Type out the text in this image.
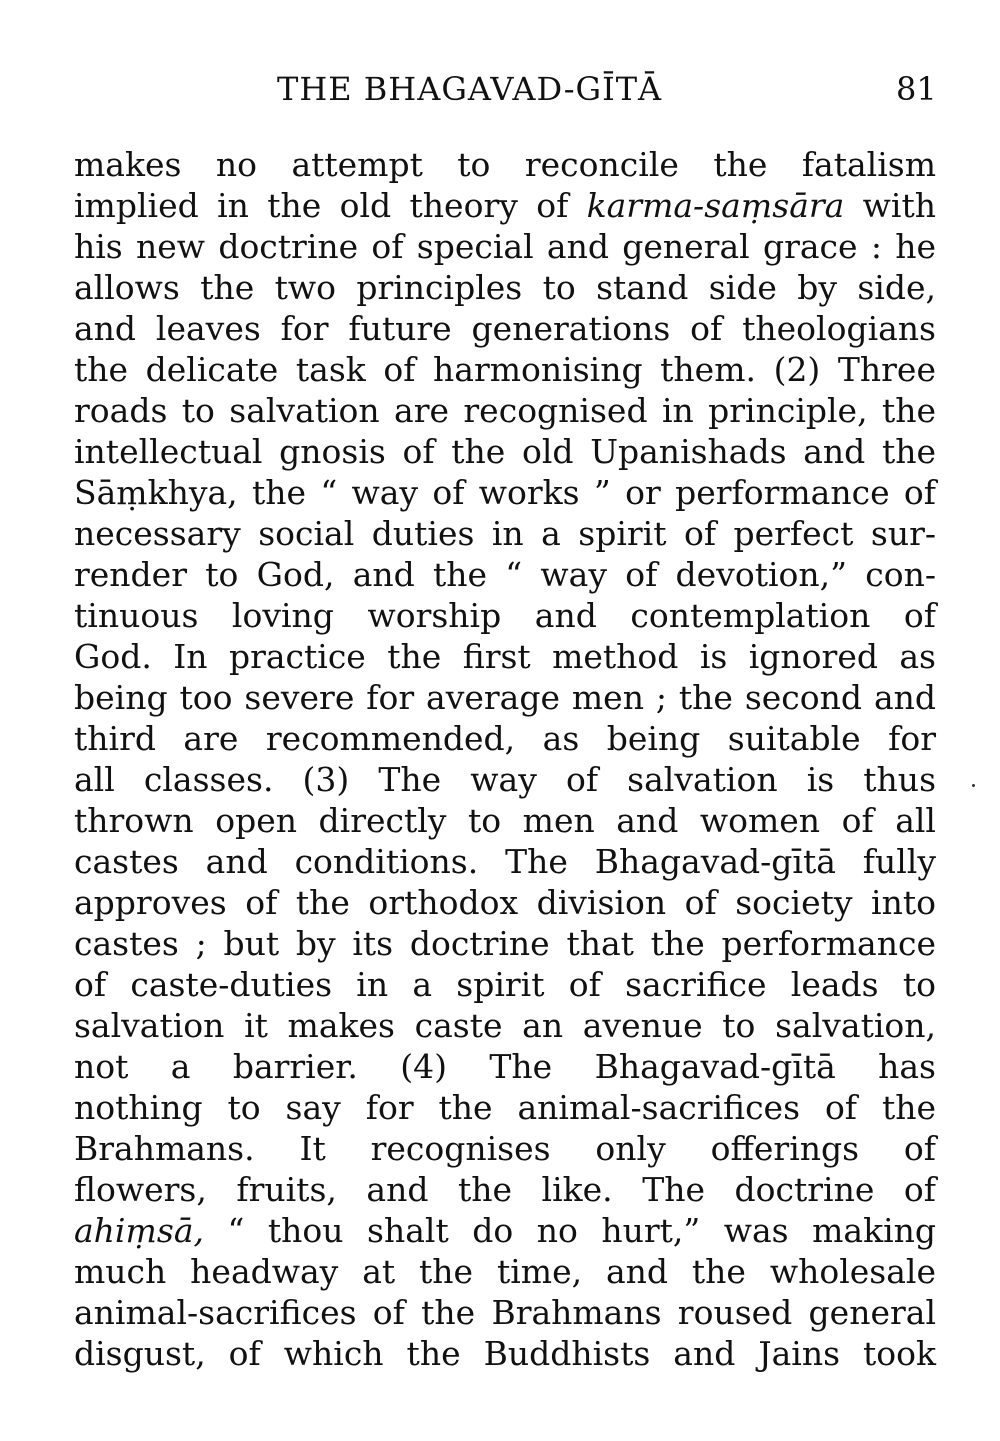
THE BHAGAVAD-GĪTĀ	81
makes no attempt to reconcile the fatalism
implied in the old theory of karma-saṃsāra with
his new doctrine of special and general grace : he
allows the two principles to stand side by side,
and leaves for future generations of theologians
the delicate task of harmonising them. (2) Three
roads to salvation are recognised in principle, the
intellectual gnosis of the old Upanishads and the
Sāṃkhya, the “ way of works ” or performance of
necessary social duties in a spirit of perfect sur-
render to God, and the “ way of devotion,” con-
tinuous loving worship and contemplation of
God. In practice the first method is ignored as
being too severe for average men ; the second and
third are recommended, as being suitable for
all classes. (3) The way of salvation is thus
thrown open directly to men and women of all
castes and conditions. The Bhagavad-gītā fully
approves of the orthodox division of society into
castes ; but by its doctrine that the performance
of caste-duties in a spirit of sacrifice leads to
salvation it makes caste an avenue to salvation,
not a barrier. (4) The Bhagavad-gītā has
nothing to say for the animal-sacrifices of the
Brahmans. It recognises only offerings of
flowers, fruits, and the like. The doctrine of
ahiṃsā, “ thou shalt do no hurt,” was making
much headway at the time, and the wholesale
animal-sacrifices of the Brahmans roused general
disgust, of which the Buddhists and Jains took
